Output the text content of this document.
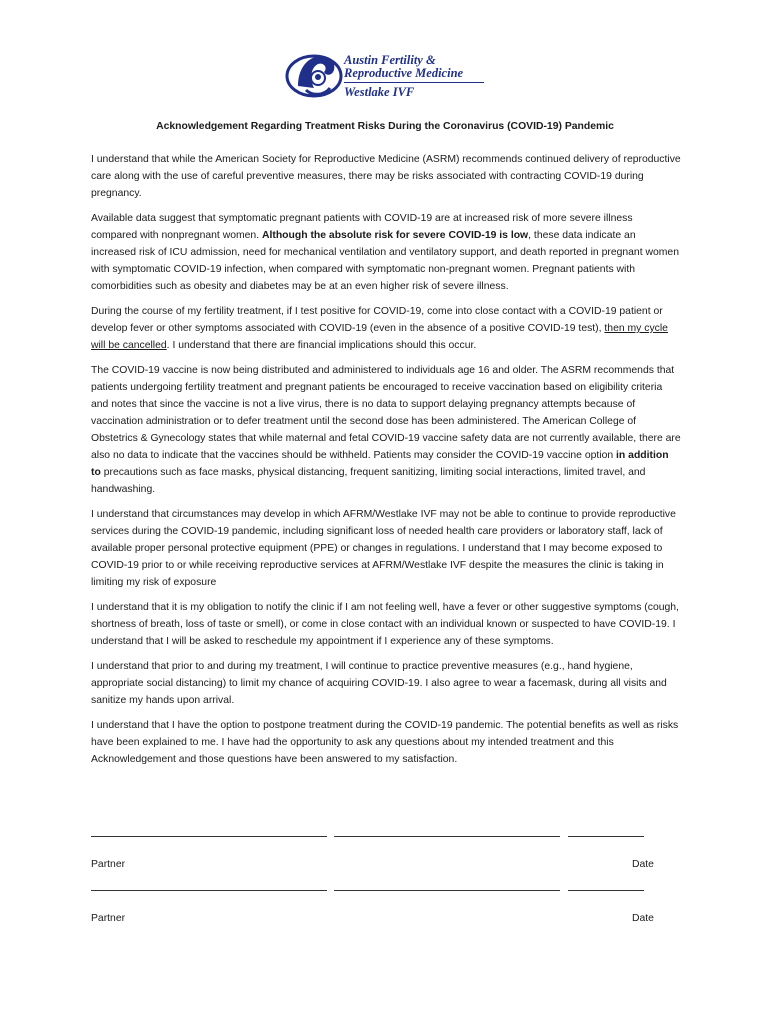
Austin Fertility &
Reproductive Medicine
Westlake IVF
Acknowledgement Regarding Treatment Risks During the Coronavirus (COVID-19) Pandemic

I understand that while the American Society for Reproductive Medicine (ASRM) recommends continued delivery of reproductive care along with the use of careful preventive measures, there may be risks associated with contracting COVID-19 during pregnancy.

Available data suggest that symptomatic pregnant patients with COVID-19 are at increased risk of more severe illness compared with nonpregnant women. Although the absolute risk for severe COVID-19 is low, these data indicate an increased risk of ICU admission, need for mechanical ventilation and ventilatory support, and death reported in pregnant women with symptomatic COVID-19 infection, when compared with symptomatic non-pregnant women. Pregnant patients with comorbidities such as obesity and diabetes may be at an even higher risk of severe illness.

During the course of my fertility treatment, if I test positive for COVID-19, come into close contact with a COVID-19 patient or develop fever or other symptoms associated with COVID-19 (even in the absence of a positive COVID-19 test), then my cycle will be cancelled. I understand that there are financial implications should this occur.

The COVID-19 vaccine is now being distributed and administered to individuals age 16 and older. The ASRM recommends that patients undergoing fertility treatment and pregnant patients be encouraged to receive vaccination based on eligibility criteria and notes that since the vaccine is not a live virus, there is no data to support delaying pregnancy attempts because of vaccination administration or to defer treatment until the second dose has been administered. The American College of Obstetrics & Gynecology states that while maternal and fetal COVID-19 vaccine safety data are not currently available, there are also no data to indicate that the vaccines should be withheld. Patients may consider the COVID-19 vaccine option in addition to precautions such as face masks, physical distancing, frequent sanitizing, limiting social interactions, limited travel, and handwashing.

I understand that circumstances may develop in which AFRM/Westlake IVF may not be able to continue to provide reproductive services during the COVID-19 pandemic, including significant loss of needed health care providers or laboratory staff, lack of available proper personal protective equipment (PPE) or changes in regulations. I understand that I may become exposed to COVID-19 prior to or while receiving reproductive services at AFRM/Westlake IVF despite the measures the clinic is taking in limiting my risk of exposure

I understand that it is my obligation to notify the clinic if I am not feeling well, have a fever or other suggestive symptoms (cough, shortness of breath, loss of taste or smell), or come in close contact with an individual known or suspected to have COVID-19. I understand that I will be asked to reschedule my appointment if I experience any of these symptoms.

I understand that prior to and during my treatment, I will continue to practice preventive measures (e.g., hand hygiene, appropriate social distancing) to limit my chance of acquiring COVID-19. I also agree to wear a facemask, during all visits and sanitize my hands upon arrival.

I understand that I have the option to postpone treatment during the COVID-19 pandemic. The potential benefits as well as risks have been explained to me. I have had the opportunity to ask any questions about my intended treatment and this Acknowledgement and those questions have been answered to my satisfaction.

Partner	Date
Partner	Date
